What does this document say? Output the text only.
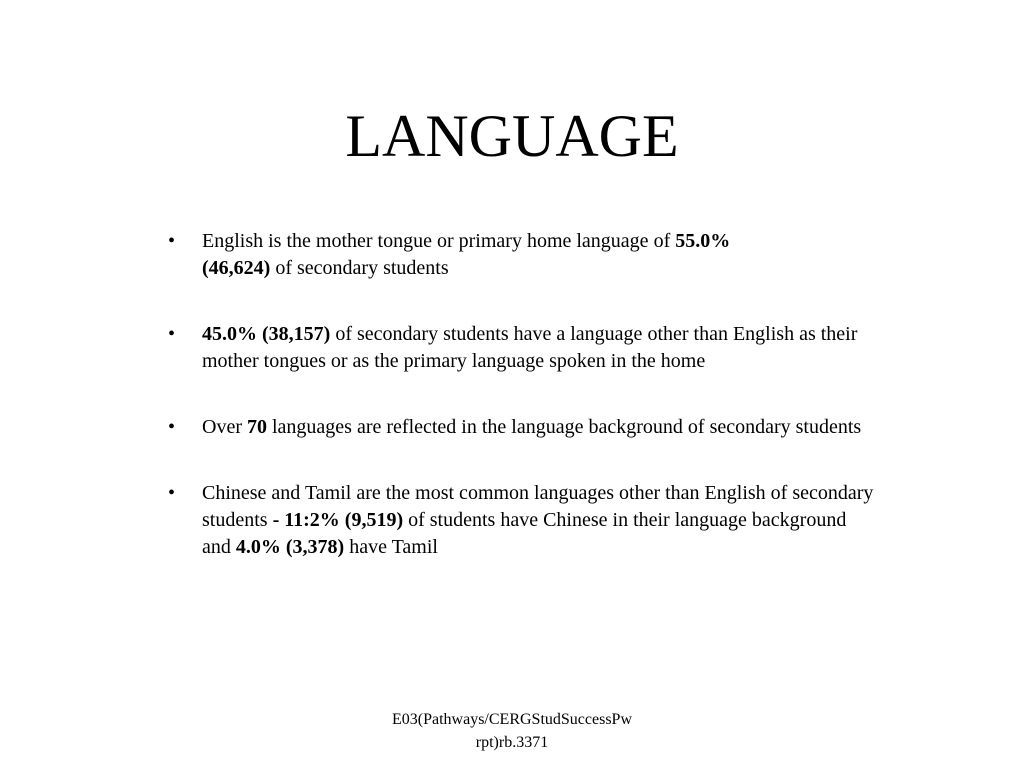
LANGUAGE
• English is the mother tongue or primary home language of 55.0%
(46,624) of secondary students
• 45.0% (38,157) of secondary students have a language other than English as their mother tongues or as the primary language spoken in the home
• Over 70 languages are reflected in the language background of secondary students
• Chinese and Tamil are the most common languages other than English of secondary students - 11:2% (9,519) of students have Chinese in their language background and 4.0% (3,378) have Tamil
E03(Pathways/CERGStudSuccessPw
rpt)rb.3371
